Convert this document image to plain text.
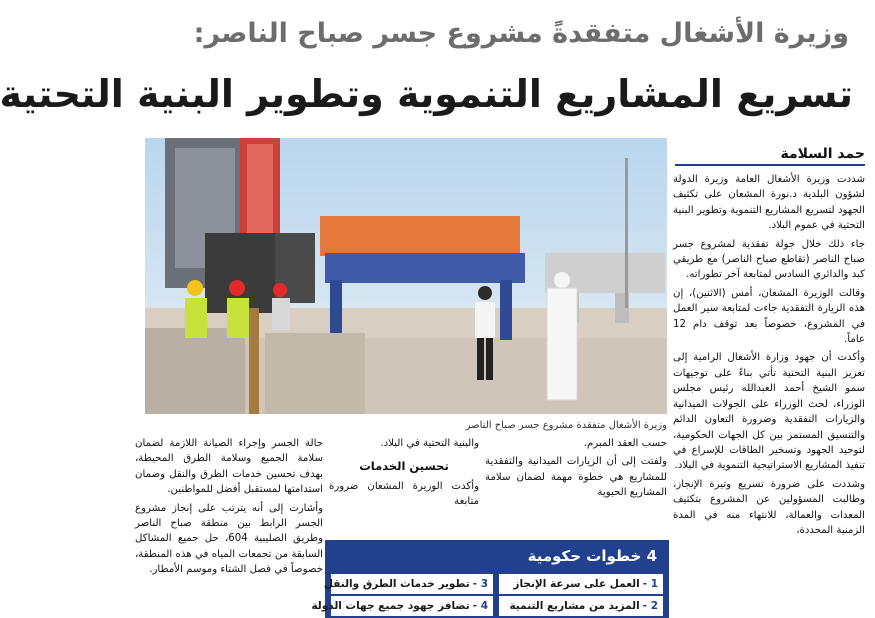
وزيرة الأشغال متفقدةً مشروع جسر صباح الناصر:
تسريع المشاريع التنموية وتطوير البنية التحتية
وزيرة الأشغال متفقدة مشروع جسر صباح الناصر
حمد السلامة

شددت وزيرة الأشغال العامة وزيرة الدولة لشؤون البلدية د.نورة المشعان على تكثيف الجهود لتسريع المشاريع التنموية وتطوير البنية التحتية في عموم البلاد.

جاء ذلك خلال جولة تفقدية لمشروع جسر صباح الناصر (تقاطع صباح الناصر) مع طريقي كبد والدائري السادس لمتابعة آخر تطوراته.

وقالت الوزيرة المشعان، أمس (الاثنين)، إن هذه الزيارة التفقدية جاءت لمتابعة سير العمل في المشروع، خصوصاً بعد توقف دام 12 عاماً.

وأكدت أن جهود وزارة الأشغال الرامية إلى تعزيز البنية التحتية تأتي بناءً على توجيهات سمو الشيخ أحمد العبدالله رئيس مجلس الوزراء، لحث الوزراء على الجولات الميدانية والزيارات التفقدية وضرورة التعاون الدائم والتنسيق المستمر بين كل الجهات الحكومية، لتوحيد الجهود وتسخير الطاقات للإسراع في تنفيذ المشاريع الاستراتيجية التنموية في البلاد.

وشددت على ضرورة تسريع وتيرة الإنجاز، وطالبت المسؤولين عن المشروع بتكثيف المعدات والعمالة، للانتهاء منه في المدة الزمنية المحددة،

حسب العقد المبرم.

ولفتت إلى أن الزيارات الميدانية والتفقدية للمشاريع هي خطوة مهمة لضمان سلامة المشاريع الحيوية

والبنية التحتية في البلاد.

تحسين الخدمات

وأكدت الوزيرة المشعان ضرورة متابعة

حالة الجسر وإجراء الصيانة اللازمة لضمان سلامة الجميع وسلامة الطرق المحيطة، بهدف تحسين خدمات الطرق والنقل وضمان استدامتها لمستقبل أفضل للمواطنين.

وأشارت إلى أنه يترتب على إنجاز مشروع الجسر الرابط بين منطقة صباح الناصر وطريق الصليبية 604، حل جميع المشاكل السابقة من تجمعات المياه في هذه المنطقة، خصوصاً في فصل الشتاء وموسم الأمطار.

4 خطوات حكومية
1 -العمل على سرعة الإنجاز
2 -المزيد من مشاريع التنمية
3 -تطوير خدمات الطرق والنقل
4 -تضافر جهود جميع جهات الدولة
